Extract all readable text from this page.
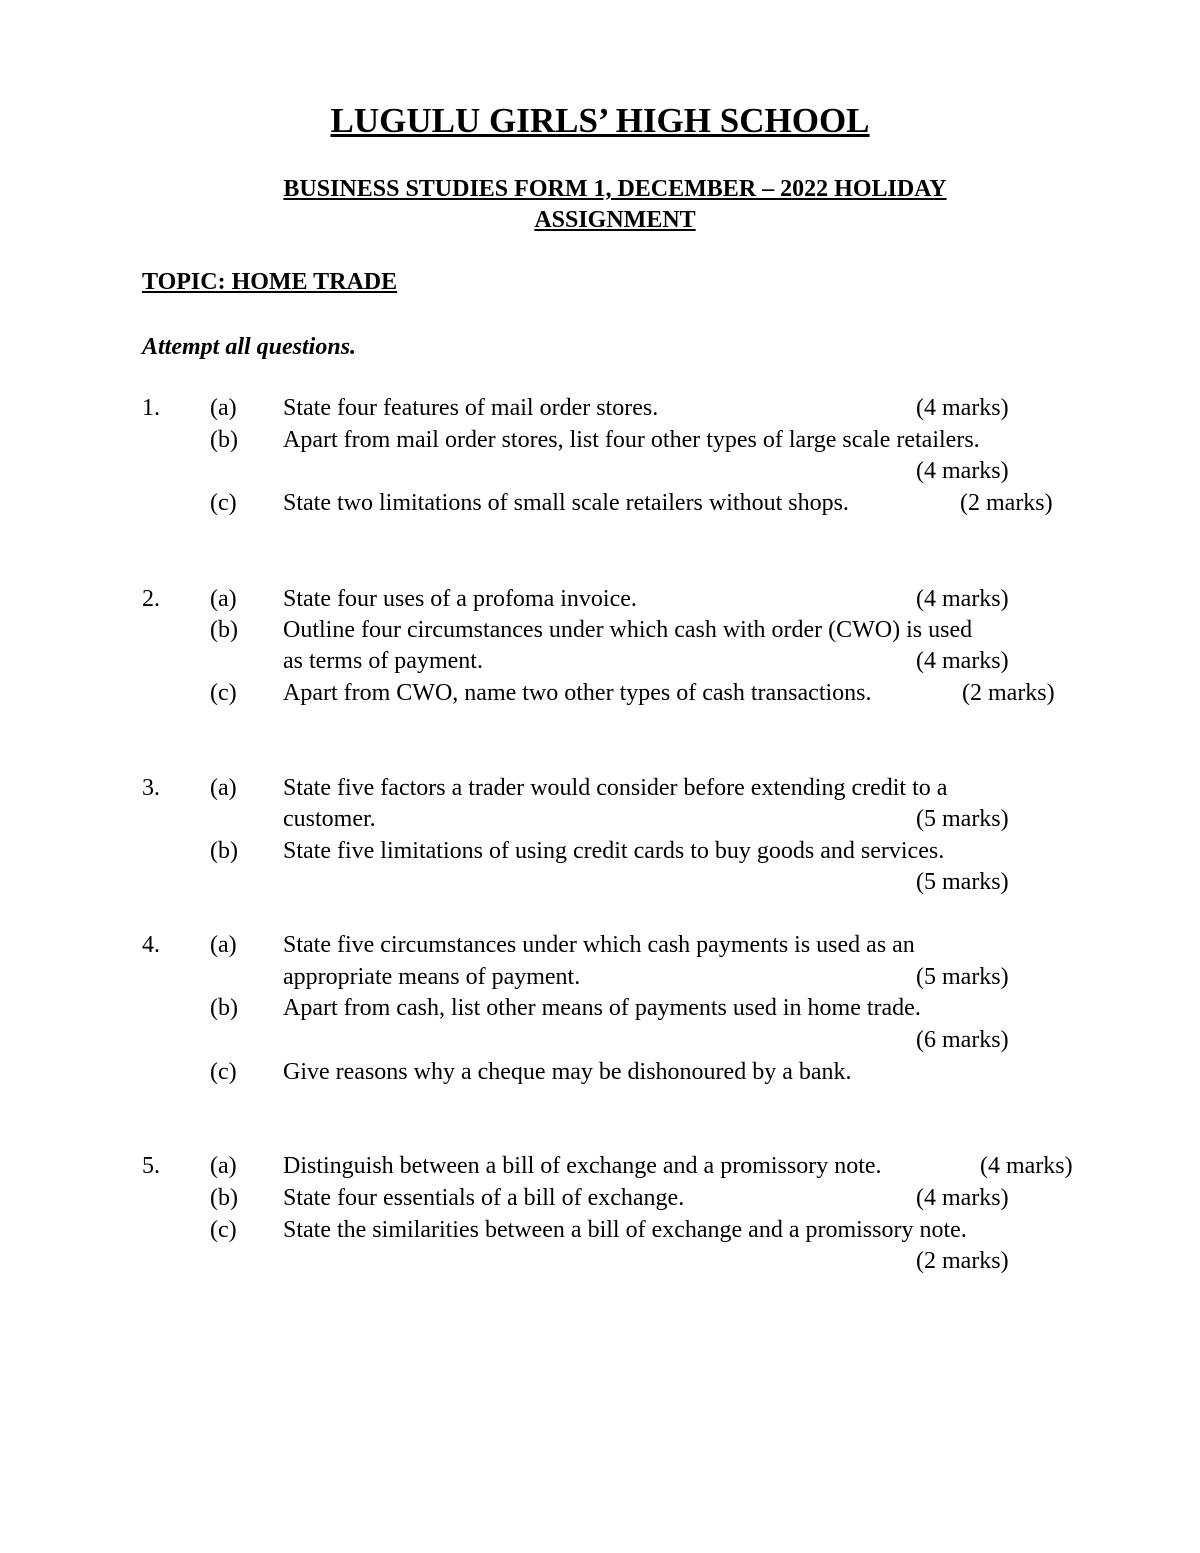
LUGULU GIRLS’ HIGH SCHOOL
BUSINESS STUDIES FORM 1, DECEMBER – 2022 HOLIDAY
ASSIGNMENT
TOPIC: HOME TRADE
Attempt all questions.
1. (a) State four features of mail order stores.	(4 marks)
(b) Apart from mail order stores, list four other types of large scale retailers.
(4 marks)
(c) State two limitations of small scale retailers without shops.	(2 marks)
2. (a) State four uses of a profoma invoice.	(4 marks)
(b) Outline four circumstances under which cash with order (CWO) is used
as terms of payment.	(4 marks)
(c) Apart from CWO, name two other types of cash transactions.	(2 marks)
3. (a) State five factors a trader would consider before extending credit to a
customer.	(5 marks)
(b) State five limitations of using credit cards to buy goods and services.
(5 marks)
4. (a) State five circumstances under which cash payments is used as an
appropriate means of payment.	(5 marks)
(b) Apart from cash, list other means of payments used in home trade.
(6 marks)
(c) Give reasons why a cheque may be dishonoured by a bank.
5. (a) Distinguish between a bill of exchange and a promissory note.	(4 marks)
(b) State four essentials of a bill of exchange.	(4 marks)
(c) State the similarities between a bill of exchange and a promissory note.
(2 marks)
